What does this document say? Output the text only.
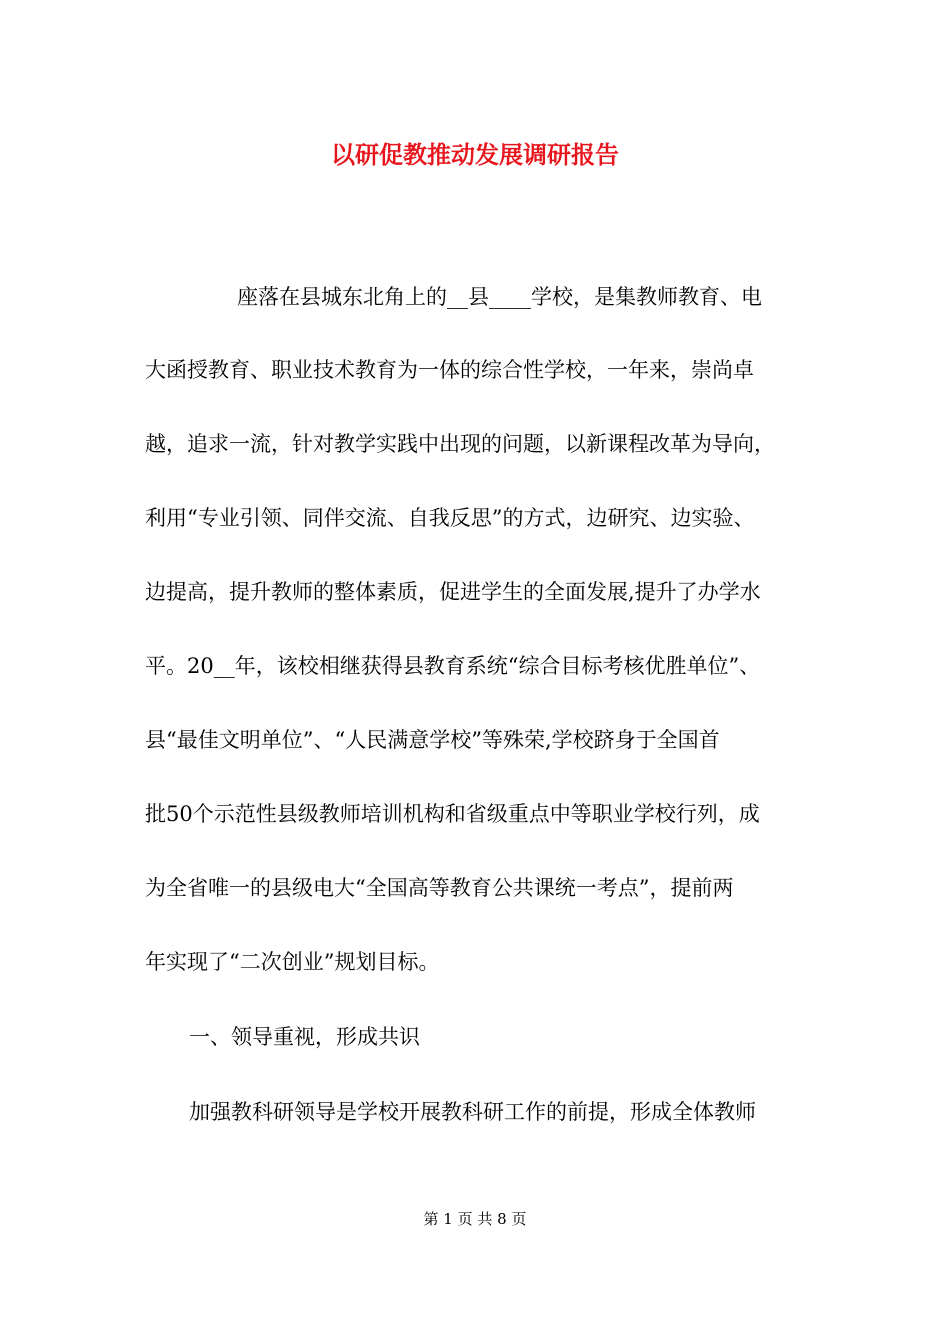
以研促教推动发展调研报告

座落在县城东北角上的__县____学校，是集教师教育、电

大函授教育、职业技术教育为一体的综合性学校，一年来，崇尚卓

越，追求一流，针对教学实践中出现的问题，以新课程改革为导向，

利用“专业引领、同伴交流、自我反思”的方式，边研究、边实验、

边提高，提升教师的整体素质，促进学生的全面发展,提升了办学水

平。20__年，该校相继获得县教育系统“综合目标考核优胜单位”、

县“最佳文明单位”、“人民满意学校”等殊荣,学校跻身于全国首

批50个示范性县级教师培训机构和省级重点中等职业学校行列，成

为全省唯一的县级电大“全国高等教育公共课统一考点”，提前两

年实现了“二次创业”规划目标。

一、领导重视，形成共识

加强教科研领导是学校开展教科研工作的前提，形成全体教师

第 1 页 共 8 页
